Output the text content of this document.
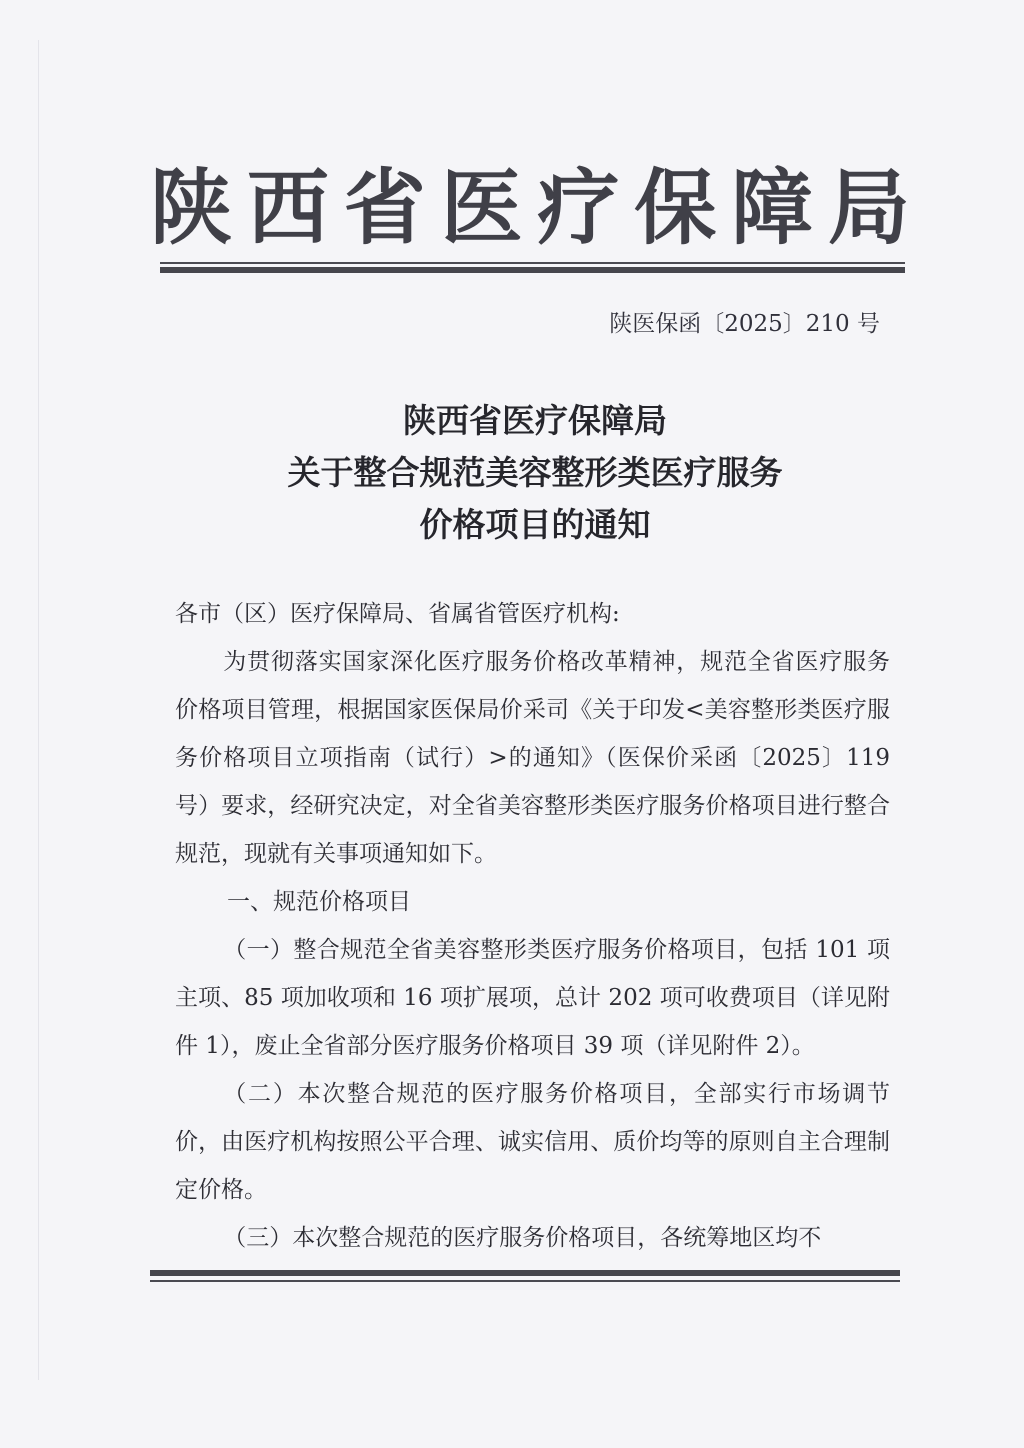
陕 西 省 医 疗 保 障 局
陕医保函〔2025〕210 号
陕西省医疗保障局
关于整合规范美容整形类医疗服务
价格项目的通知

各市（区）医疗保障局、省属省管医疗机构:

为贯彻落实国家深化医疗服务价格改革精神，规范全省医疗服务价格项目管理，根据国家医保局价采司《关于印发<美容整形类医疗服务价格项目立项指南（试行）>的通知》（医保价采函〔2025〕119 号）要求，经研究决定，对全省美容整形类医疗服务价格项目进行整合规范，现就有关事项通知如下。

一、规范价格项目

（一）整合规范全省美容整形类医疗服务价格项目，包括 101 项主项、85 项加收项和 16 项扩展项，总计 202 项可收费项目（详见附件 1），废止全省部分医疗服务价格项目 39 项（详见附件 2）。

（二）本次整合规范的医疗服务价格项目，全部实行市场调节价，由医疗机构按照公平合理、诚实信用、质价均等的原则自主合理制定价格。

（三）本次整合规范的医疗服务价格项目，各统筹地区均不
